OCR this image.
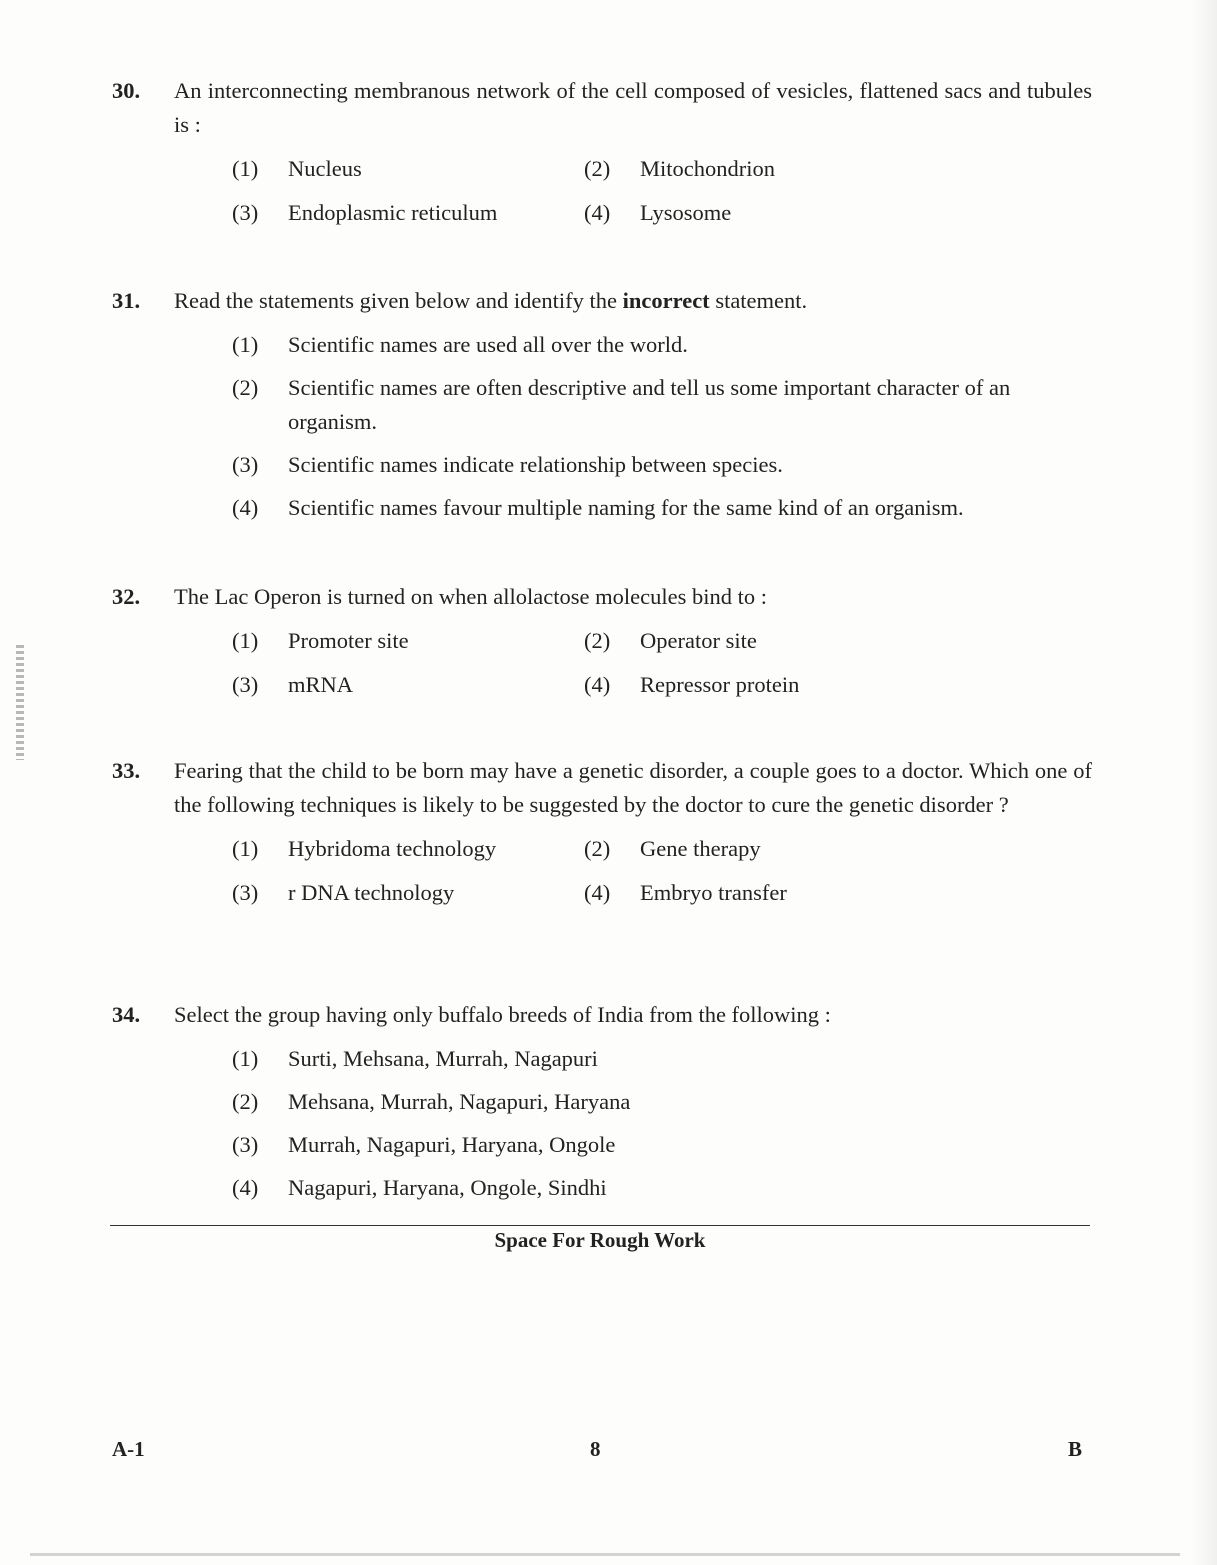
30.	An interconnecting membranous network of the cell composed of vesicles, flattened sacs and tubules is :
(1)	Nucleus	(2)	Mitochondrion
(3)	Endoplasmic reticulum	(4)	Lysosome
31.	Read the statements given below and identify the incorrect statement.
(1)	Scientific names are used all over the world.
(2)	Scientific names are often descriptive and tell us some important character of an organism.
(3)	Scientific names indicate relationship between species.
(4)	Scientific names favour multiple naming for the same kind of an organism.
32.	The Lac Operon is turned on when allolactose molecules bind to :
(1)	Promoter site	(2)	Operator site
(3)	mRNA	(4)	Repressor protein
33.	Fearing that the child to be born may have a genetic disorder, a couple goes to a doctor. Which one of the following techniques is likely to be suggested by the doctor to cure the genetic disorder ?
(1)	Hybridoma technology	(2)	Gene therapy
(3)	r DNA technology	(4)	Embryo transfer
34.	Select the group having only buffalo breeds of India from the following :
(1)	Surti, Mehsana, Murrah, Nagapuri
(2)	Mehsana, Murrah, Nagapuri, Haryana
(3)	Murrah, Nagapuri, Haryana, Ongole
(4)	Nagapuri, Haryana, Ongole, Sindhi
Space For Rough Work
A-1	8	B
